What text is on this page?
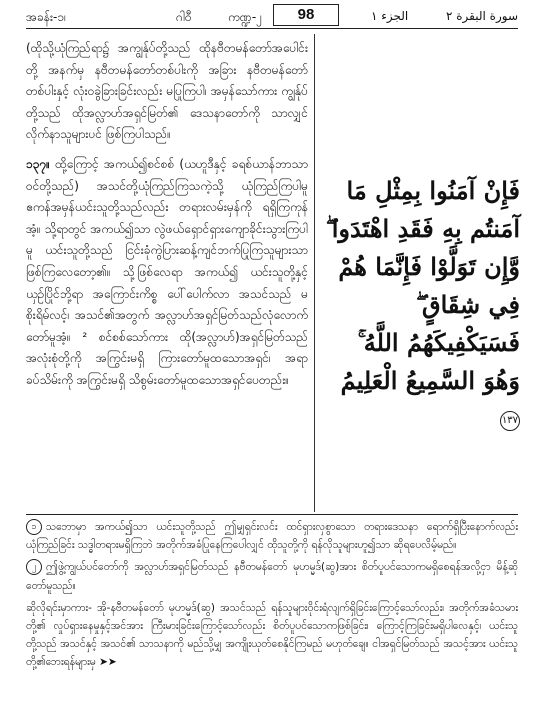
အခန်း-၁၊	ဂါ၀ီ	ကဏ္ဍ-၂	98	الجزء ١	سورة البقرة ٢

(ထိုသို့ယုံကြည်ရာ၌ အကျွန်ုပ်တို့သည် ထိုနဗီတမန်တော်အပေါင်းတို့ အနက်မှ နဗီတမန်တော်တစ်ပါးကို အခြား နဗီတမန်တော်တစ်ပါးနှင့် လုံးဝခွဲခြားခြင်းလည်း မပြုကြပါ၊ အမှန်သော်ကား ကျွန်ုပ်တို့သည် ထိုအလ္လာဟ်အရှင်မြတ်၏ ဒေသနာတော်ကို သာလျှင် လိုက်နာသူများပင် ဖြစ်ကြပါသည်။

၁၃၇။ ထို့ကြောင့် အကယ်၍စင်စစ် (ယဟူဒီနှင့် ခရစ်ယာန်ဘာသာဝင်တို့သည်) အသင်တို့ယုံကြည်ကြသကဲ့သို့ ယုံကြည်ကြပါမူ ဧကန်အမှန်ယင်းသူတို့သည်လည်း တရားလမ်းမှန်ကို ရရှိကြကုန်အံ့။ သို့ရာတွင် အကယ်၍သာ လွဲဖယ်ရှောင်ရှားကျောခိုင်းသွားကြပါမူ ယင်းသူတို့သည် ငြင်းခုံကွဲပြားဆန့်ကျင်ဘက်ပြုကြသူများသာ ဖြစ်ကြလေတော့၏။ သို့ဖြစ်လေရာ အကယ်၍ ယင်းသူတို့နှင့် ယှဉ်ပြိုင်ဘို့ရာ အကြောင်းကိစ္စ ပေါ်ပေါက်လာ အသင်သည် မစိုးရိမ်လင့်၊ အသင်၏အတွက် အလ္လာဟ်အရှင်မြတ်သည်လုံလောက်တော်မူအံ့။ ² စင်စစ်သော်ကား ထို(အလ္လာဟ်)အရှင်မြတ်သည် အလုံးစုံတို့ကို အကြွင်းမရှိ ကြားတော်မူထသောအရှင်၊ အရာခပ်သိမ်းကို အကြွင်းမရှိ သိစွမ်းတော်မူထသောအရှင်ပေတည်း။

فَإِنْ آمَنُوا بِمِثْلِ مَا آمَنتُم بِهِ فَقَدِ اهْتَدَوا ۖ وَّإِن تَوَلَّوْا فَإِنَّمَا هُمْ فِي شِقَاقٍ ۖ فَسَيَكْفِيكَهُمُ اللَّهُ ۚ وَهُوَ السَّمِيعُ الْعَلِيمُ ١٣٧

၁ သဘောမှာ အကယ်၍သာ ယင်းသူတို့သည် ဤမျှရှင်းလင်း ထင်ရှားလှစွာသော တရားဒေသနာ ရောက်ရှိပြီးနောက်လည်း ယုံကြည်ခြင်း သဒ္ဓါတရားမရှိကြဘဲ အတိုက်အခံပြုနေကြပေါလျှင် ထိုသူတို့ကို ရန်လိုသူများဟူ၍သာ ဆိုရပေလိမ့်မည်။

၂ ဤဖွဲ့ကျွယ်ပင်တော်ကို အလ္လာဟ်အရှင်မြတ်သည် နဗီတမန်တော် မုဟမ္မဒ်(ဆွ)အား စိတ်ပူပင်သောကမရှိစေရန်အလို့ငှာ မိန့်ဆိုတော်မူသည်။

ဆိုလိုရင်းမှာကား- အို-နဗီတမန်တော် မုဟမ္မဒ်(ဆွ) အသင်သည် ရန်သူများဝိုင်းရံလျက်ရှိခြင်းကြောင့်သော်လည်း၊ အတိုက်အခံသမားတို့၏ လှုပ်ရှားနေမှုနှင့်အင်အား ကြီးမားခြင်းကြောင့်သော်လည်း စိတ်ပူပင်သောကဖြစ်ခြင်း၊ ကြောင့်ကြခြင်းမရှိပါလေနှင့်၊ ယင်းသူတို့သည် အသင်နှင့် အသင်၏ သာသနာကို မည်သို့မျှ အကျိုးယုတ်စေနိုင်ကြမည် မဟုတ်ချေ။ ငါအရှင်မြတ်သည် အသင့်အား ယင်းသူတို့၏ဘေးရန်များမှ ➤➤
